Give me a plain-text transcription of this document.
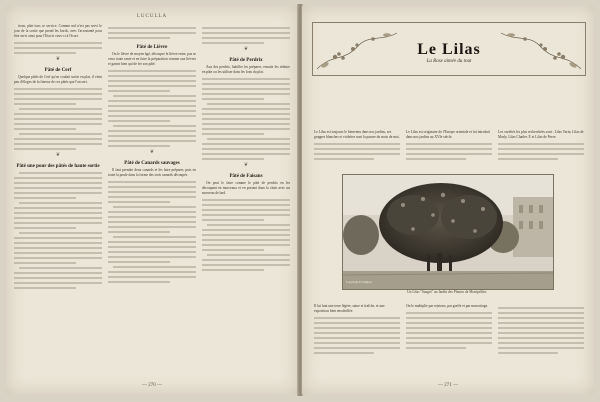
LUCULLA

tions, pâte tous ce service. Comme nul n'est pas servi le jour de la sortie que prend les bords, avec l'acrostanté pour être servi ainsi pour l'Etat et ceux-ci à l'écart.

❦
Pâté de Cerf

Quelque pâtés de Cerf qu'on voulait sortie en plat, il vient peu d'éloges de la finesse de ces pâtés que l'on sert.

❦
Pâté une pour des pâtés de haute sortie
Pâté de Lièvre

Ou le lièvre de moyen âgé, découper le lièvre entre, pas se veux toute ranie et en faire la préparation comme aux lièvres et garnir bien qui de fer son pâté.

❦
Pâté de Canards sauvages

Il faut prendre deux canards et les faire préparer, puis en toute la poule dans la forme des trois canards découpés.

❦
Pâté de Perdrix

Aux des perdrix, habiller les préparer, ensuite les réduire en pâte ou les utiliser dans les fons du plat.

❦
Pâté de Faisans

On peut le faire comme le pâté de perdrix en les découpant en morceaux et en portant dans la chair avec un morceau de lard.

— 270 —
Le Lilas
La Rose aimée du tout
Le Lilas est toujours le bienvenu dans nos jardins, ses grappes blanches et violettes sont la parure du mois de mai.
Le Lilas est originaire de l'Europe orientale et fut introduit dans nos jardins au XVIe siècle.
Les variétés les plus recherchées sont : Lilas Varin, Lilas de Marly, Lilas Charles X et Lilas de Perse.
Copyright R. Dagbert
Un Lilas "Sauget" au Jardin des Plantes de Montpellier.
Il lui faut une terre légère, saine et fraîche, et une exposition bien ensoleillée.
On le multiplie par rejetons, par greffe et par marcottage.
— 271 —
